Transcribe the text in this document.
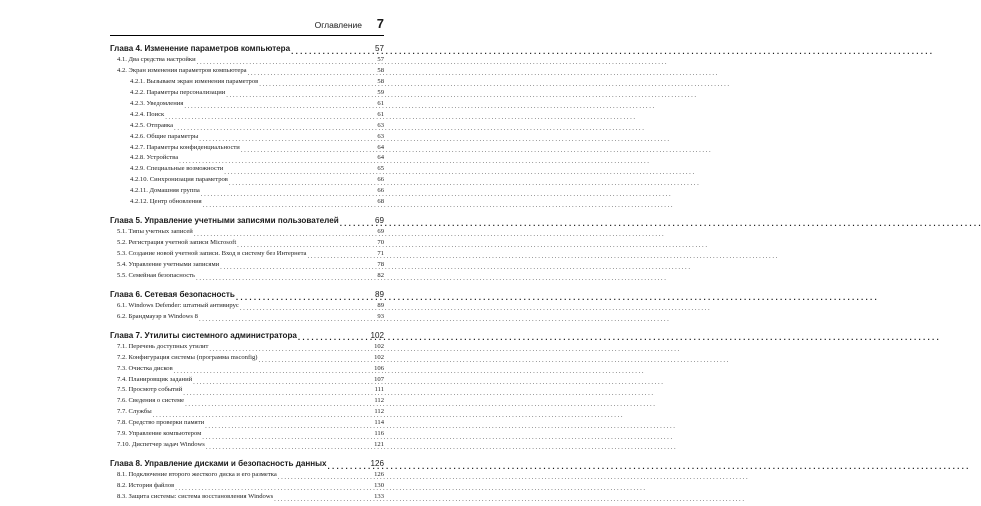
Оглавление 7
Глава 4. Изменение параметров компьютера . . .	57
4.1. Два средства настройки . . .	57
4.2. Экран изменения параметров компьютера . . .	58
4.2.1. Вызываем экран изменения параметров . . .	58
4.2.2. Параметры персонализации . . .	59
4.2.3. Уведомления . . .	61
4.2.4. Поиск . . .	61
4.2.5. Отправка . . .	63
4.2.6. Общие параметры . . .	63
4.2.7. Параметры конфиденциальности . . .	64
4.2.8. Устройства . . .	64
4.2.9. Специальные возможности . . .	65
4.2.10. Синхронизация параметров . . .	66
4.2.11. Домашняя группа . . .	66
4.2.12. Центр обновления . . .	68
Глава 5. Управление учетными записями пользователей . . .	69
5.1. Типы учетных записей . . .	69
5.2. Регистрация учетной записи Microsoft . . .	70
5.3. Создание новой учетной записи. Вход в систему без Интернета . . .	71
5.4. Управление учетными записями . . .	78
5.5. Семейная безопасность . . .	82
Глава 6. Сетевая безопасность . . .	89
6.1. Windows Defender: штатный антивирус . . .	89
6.2. Брандмауэр в Windows 8 . . .	93
Глава 7. Утилиты системного администратора . . .	102
7.1. Перечень доступных утилит . . .	102
7.2. Конфигурация системы (программа msconfig) . . .	102
7.3. Очистка дисков . . .	106
7.4. Планировщик заданий . . .	107
7.5. Просмотр событий . . .	111
7.6. Сведения о системе . . .	112
7.7. Службы . . .	112
7.8. Средство проверки памяти . . .	114
7.9. Управление компьютером . . .	116
7.10. Диспетчер задач Windows . . .	121
Глава 8. Управление дисками и безопасность данных . . .	126
8.1. Подключение второго жесткого диска и его разметка . . .	126
8.2. История файлов . . .	130
8.3. Защита системы: система восстановления Windows . . .	133
